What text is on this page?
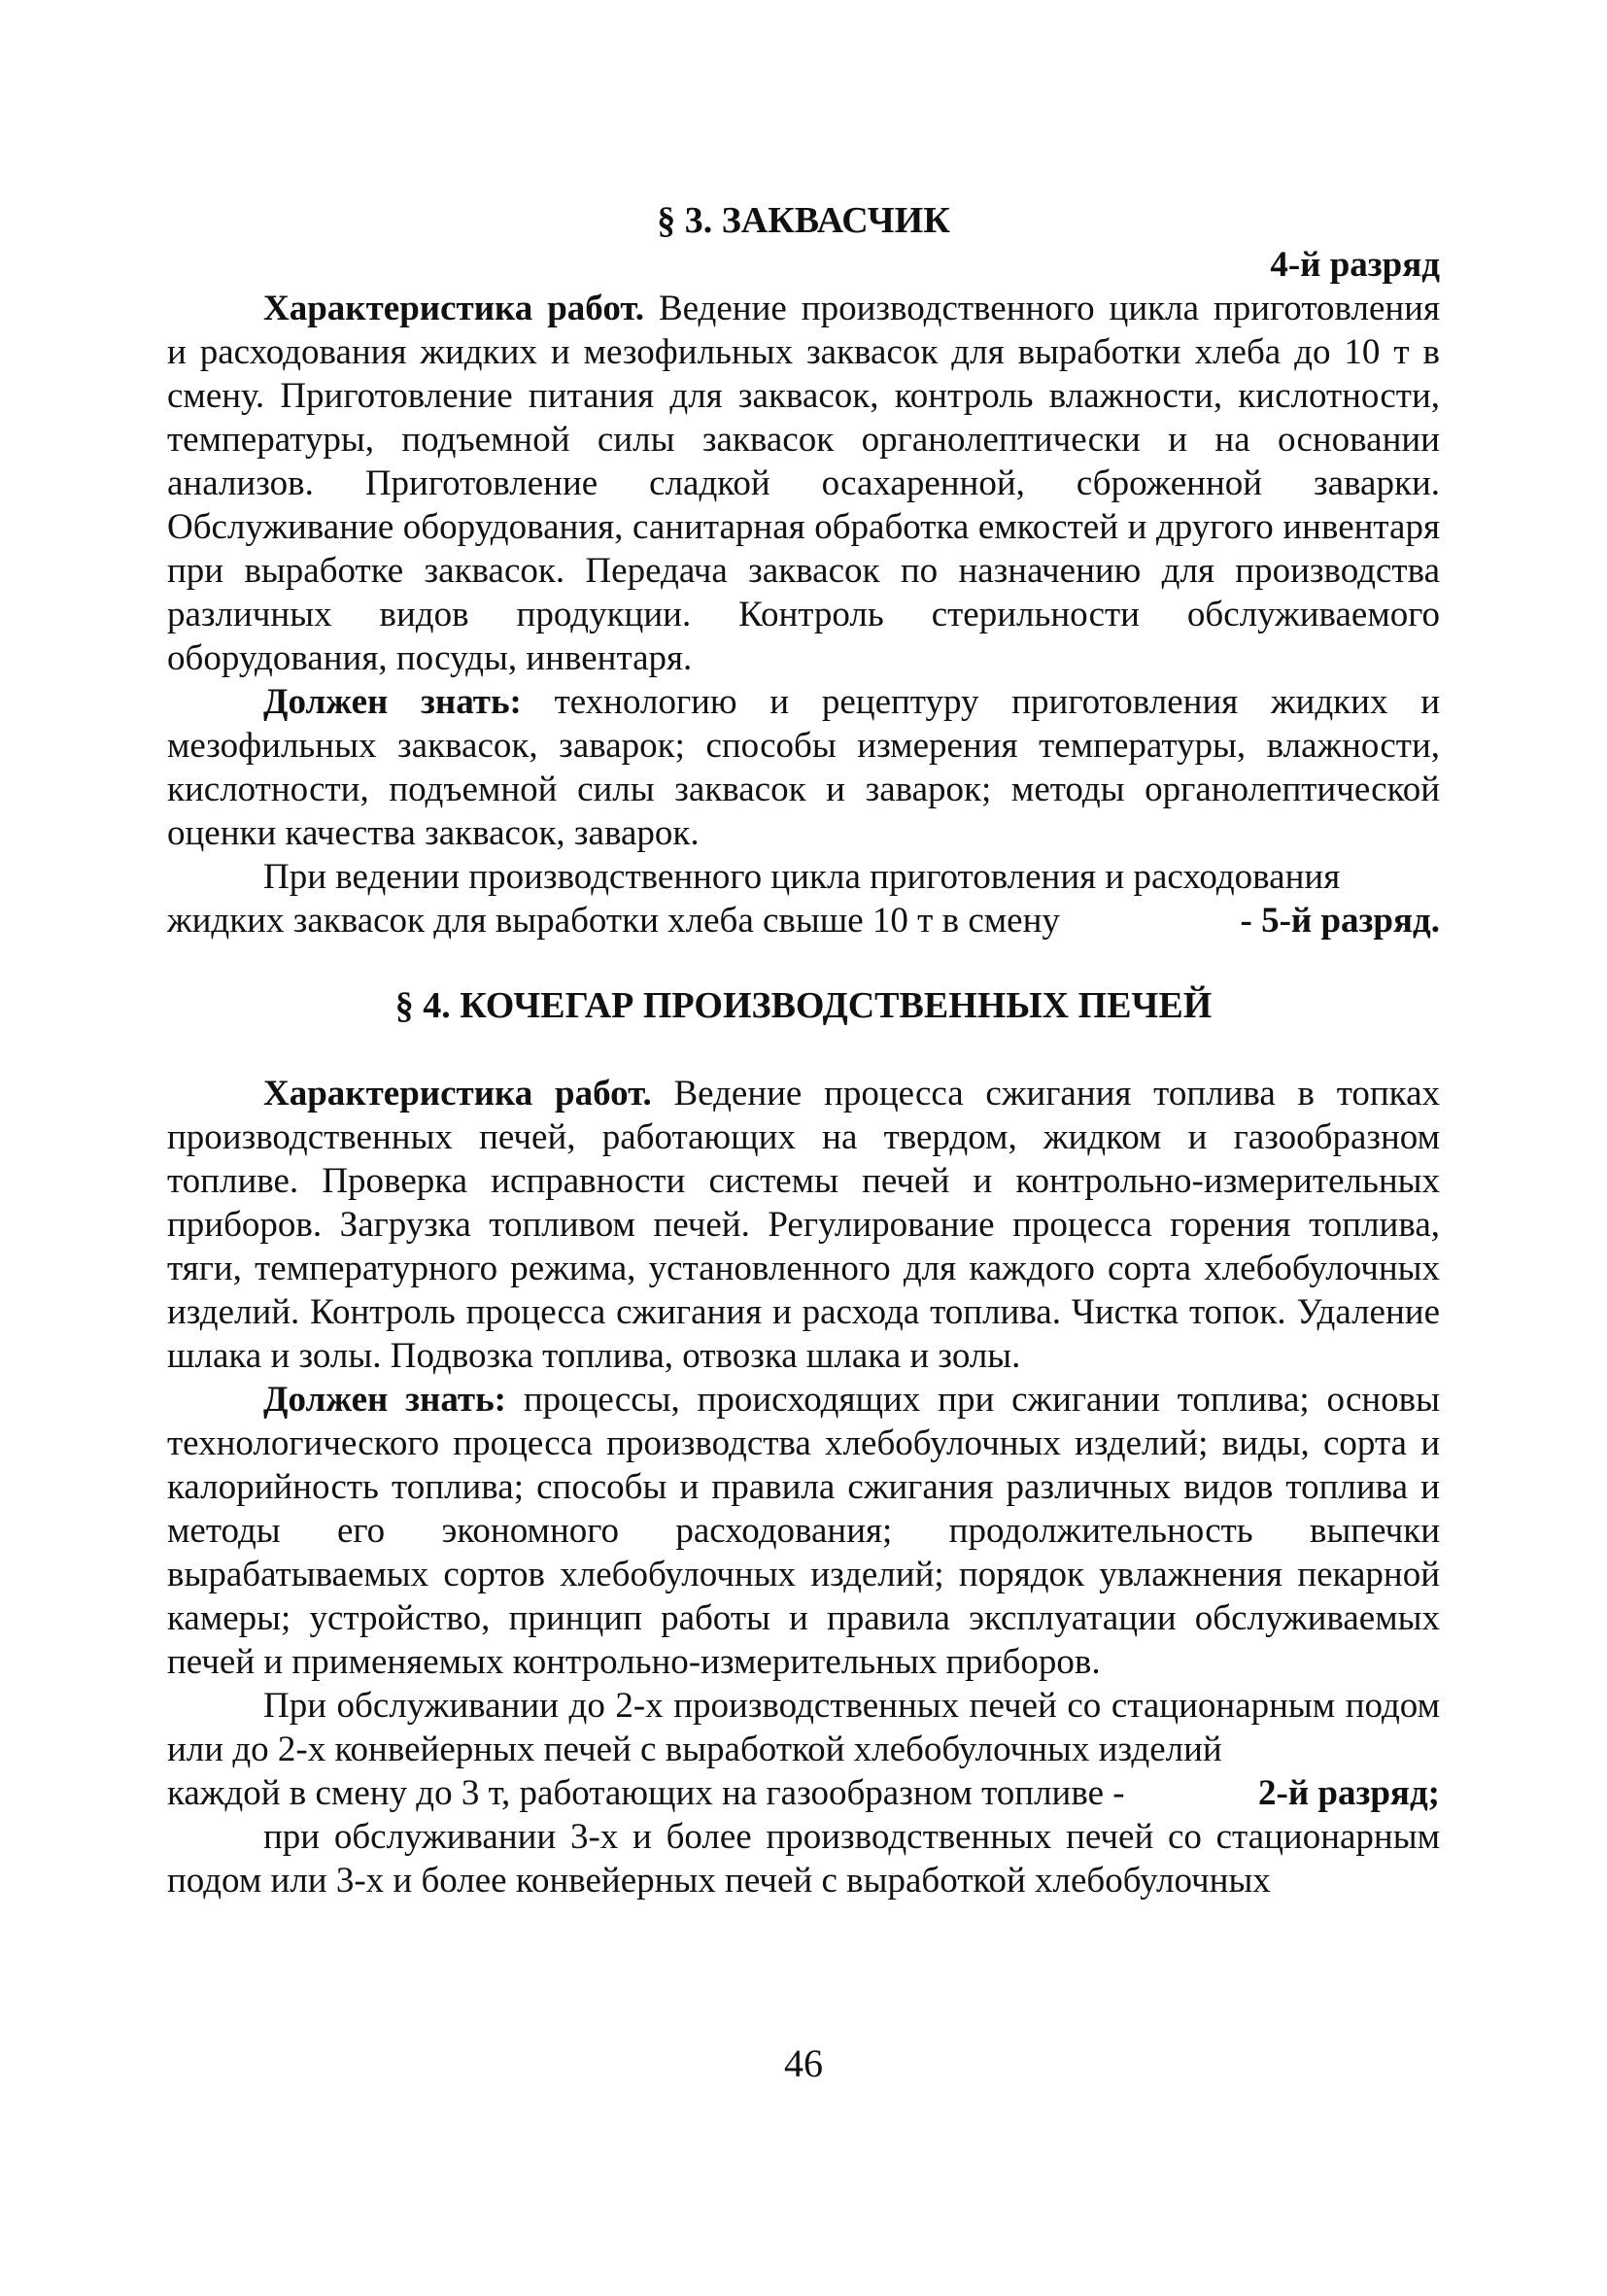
§ 3. ЗАКВАСЧИК

4-й разряд

Характеристика работ. Ведение производственного цикла приготовления и расходования жидких и мезофильных заквасок для выработки хлеба до 10 т в смену. Приготовление питания для заквасок, контроль влажности, кислотности, температуры, подъемной силы заквасок органолептически и на основании анализов. Приготовление сладкой осахаренной, сброженной заварки. Обслуживание оборудования, санитарная обработка емкостей и другого инвентаря при выработке заквасок. Передача заквасок по назначению для производства различных видов продукции. Контроль стерильности обслуживаемого оборудования, посуды, инвентаря.

Должен знать: технологию и рецептуру приготовления жидких и мезофильных заквасок, заварок; способы измерения температуры, влажности, кислотности, подъемной силы заквасок и заварок; методы органолептической оценки качества заквасок, заварок.

При ведении производственного цикла приготовления и расходования

жидких заквасок для выработки хлеба свыше 10 т в смену	- 5-й разряд.

§ 4. КОЧЕГАР ПРОИЗВОДСТВЕННЫХ ПЕЧЕЙ

Характеристика работ. Ведение процесса сжигания топлива в топках производственных печей, работающих на твердом, жидком и газообразном топливе. Проверка исправности системы печей и контрольно-измерительных приборов. Загрузка топливом печей. Регулирование процесса горения топлива, тяги, температурного режима, установленного для каждого сорта хлебобулочных изделий. Контроль процесса сжигания и расхода топлива. Чистка топок. Удаление шлака и золы. Подвозка топлива, отвозка шлака и золы.

Должен знать: процессы, происходящих при сжигании топлива; основы технологического процесса производства хлебобулочных изделий; виды, сорта и калорийность топлива; способы и правила сжигания различных видов топлива и методы его экономного расходования; продолжительность выпечки вырабатываемых сортов хлебобулочных изделий; порядок увлажнения пекарной камеры; устройство, принцип работы и правила эксплуатации обслуживаемых печей и применяемых контрольно-измерительных приборов.

При обслуживании до 2-х производственных печей со стационарным подом или до 2-х конвейерных печей с выработкой хлебобулочных изделий

каждой в смену до 3 т, работающих на газообразном топливе -	2-й разряд;

при обслуживании 3-х и более производственных печей со стационарным подом или 3-х и более конвейерных печей с выработкой хлебобулочных

46
